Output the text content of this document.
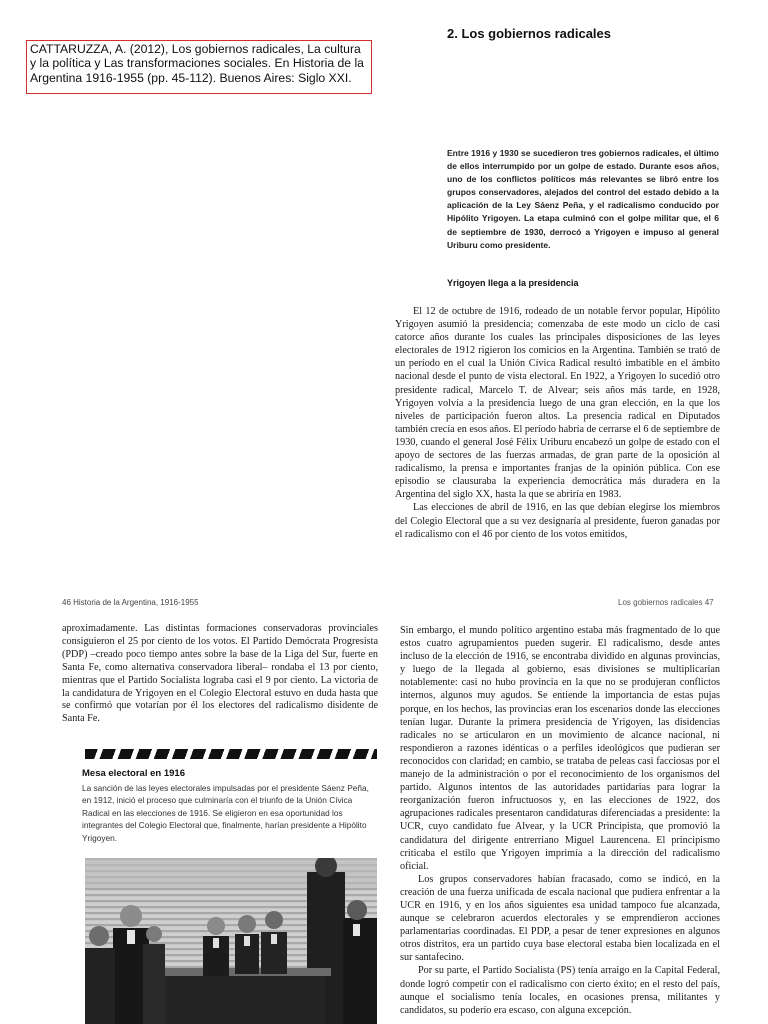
CATTARUZZA, A. (2012), Los gobiernos radicales, La cultura y la política y Las transformaciones sociales. En Historia de la Argentina 1916-1955 (pp. 45-112). Buenos Aires: Siglo XXI.
2. Los gobiernos radicales
Entre 1916 y 1930 se sucedieron tres gobiernos radicales, el último de ellos interrumpido por un golpe de estado. Durante esos años, uno de los conflictos políticos más relevantes se libró entre los grupos conservadores, alejados del control del estado debido a la aplicación de la Ley Sáenz Peña, y el radicalismo conducido por Hipólito Yrigoyen. La etapa culminó con el golpe militar que, el 6 de septiembre de 1930, derrocó a Yrigoyen e impuso al general Uriburu como presidente.
Yrigoyen llega a la presidencia

El 12 de octubre de 1916, rodeado de un notable fervor popular, Hipólito Yrigoyen asumió la presidencia; comenzaba de este modo un ciclo de casi catorce años durante los cuales las principales disposiciones de las leyes electorales de 1912 rigieron los comicios en la Argentina. También se trató de un período en el cual la Unión Cívica Radical resultó imbatible en el ámbito nacional desde el punto de vista electoral. En 1922, a Yrigoyen lo sucedió otro presidente radical, Marcelo T. de Alvear; seis años más tarde, en 1928, Yrigoyen volvía a la presidencia luego de una gran elección, en la que los niveles de participación fueron altos. La presencia radical en Diputados también crecía en esos años. El período habría de cerrarse el 6 de septiembre de 1930, cuando el general José Félix Uriburu encabezó un golpe de estado con el apoyo de sectores de las fuerzas armadas, de gran parte de la oposición al radicalismo, la prensa e importantes franjas de la opinión pública. Con ese episodio se clausuraba la experiencia democrática más duradera en la Argentina del siglo XX, hasta la que se abriría en 1983.

Las elecciones de abril de 1916, en las que debían elegirse los miembros del Colegio Electoral que a su vez designaría al presidente, fueron ganadas por el radicalismo con el 46 por ciento de los votos emitidos,

46 Historia de la Argentina, 1916-1955	Los gobiernos radicales 47

aproximadamente. Las distintas formaciones conservadoras provinciales consiguieron el 25 por ciento de los votos. El Partido Demócrata Progresista (PDP) –creado poco tiempo antes sobre la base de la Liga del Sur, fuerte en Santa Fe, como alternativa conservadora liberal– rondaba el 13 por ciento, mientras que el Partido Socialista lograba casi el 9 por ciento. La victoria de la candidatura de Yrigoyen en el Colegio Electoral estuvo en duda hasta que se confirmó que votarían por él los electores del radicalismo disidente de Santa Fe.

Mesa electoral en 1916
La sanción de las leyes electorales impulsadas por el presidente Sáenz Peña, en 1912, inició el proceso que culminaría con el triunfo de la Unión Cívica Radical en las elecciones de 1916. Se eligieron en esa oportunidad los integrantes del Colegio Electoral que, finalmente, harían presidente a Hipólito Yrigoyen.

Sin embargo, el mundo político argentino estaba más fragmentado de lo que estos cuatro agrupamientos pueden sugerir. El radicalismo, desde antes incluso de la elección de 1916, se encontraba dividido en algunas provincias, y luego de la llegada al gobierno, esas divisiones se multiplicarían notablemente: casi no hubo provincia en la que no se produjeran conflictos internos, algunos muy agudos. Se entiende la importancia de estas pujas porque, en los hechos, las provincias eran los escenarios donde las elecciones tenían lugar. Durante la primera presidencia de Yrigoyen, las disidencias radicales no se articularon en un movimiento de alcance nacional, ni respondieron a razones idénticas o a perfiles ideológicos que pudieran ser reconocidos con claridad; en cambio, se trataba de peleas casi facciosas por el manejo de la administración o por el reconocimiento de los organismos del partido. Algunos intentos de las autoridades partidarias para lograr la reorganización fueron infructuosos y, en las elecciones de 1922, dos agrupaciones radicales presentaron candidaturas diferenciadas a presidente: la UCR, cuyo candidato fue Alvear, y la UCR Principista, que promovió la candidatura del dirigente entrerriano Miguel Laurencena. El principismo criticaba el estilo que Yrigoyen imprimía a la dirección del radicalismo oficial.

Los grupos conservadores habían fracasado, como se indicó, en la creación de una fuerza unificada de escala nacional que pudiera enfrentar a la UCR en 1916, y en los años siguientes esa unidad tampoco fue alcanzada, aunque se celebraron acuerdos electorales y se emprendieron acciones parlamentarias coordinadas. El PDP, a pesar de tener expresiones en algunos otros distritos, era un partido cuya base electoral estaba bien localizada en el sur santafecino.

Por su parte, el Partido Socialista (PS) tenía arraigo en la Capital Federal, donde logró competir con el radicalismo con cierto éxito; en el resto del país, aunque el socialismo tenía locales, en ocasiones prensa, militantes y candidatos, su poderío era escaso, con alguna excepción.
